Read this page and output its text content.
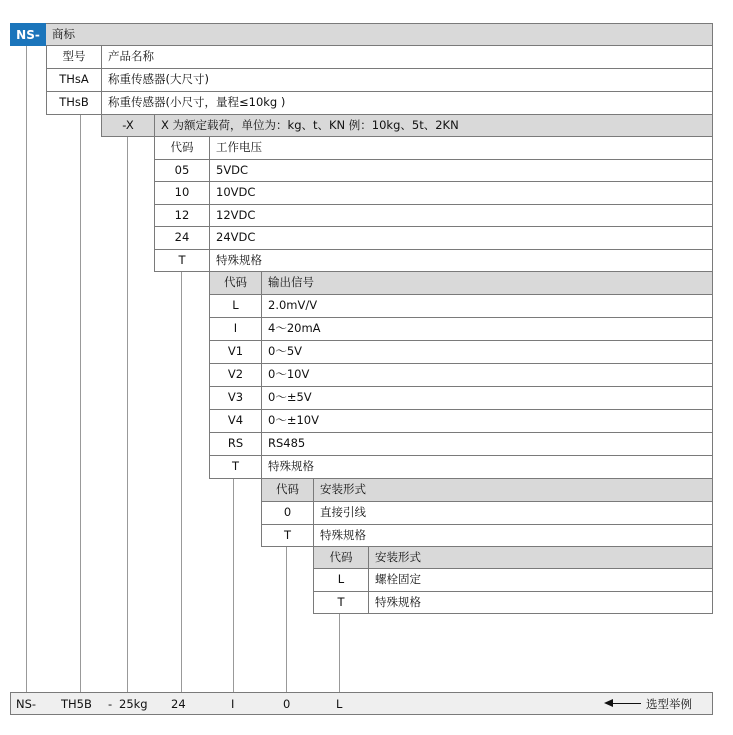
NS-	商标
型号	产品名称
THsA	称重传感器(大尺寸)
THsB	称重传感器(小尺寸，量程≤10kg )
-X	X 为额定载荷，单位为：kg、t、KN 例：10kg、5t、2KN
代码	工作电压
05	5VDC
10	10VDC
12	12VDC
24	24VDC
T	特殊规格
代码	输出信号
L	2.0mV/V
I	4～20mA
V1	0～5V
V2	0～10V
V3	0～±5V
V4	0～±10V
RS	RS485
T	特殊规格
代码	安装形式
0	直接引线
T	特殊规格
代码	安装形式
L	螺栓固定
T	特殊规格
NS- TH5B - 25kg 24	I	0	L	选型举例
